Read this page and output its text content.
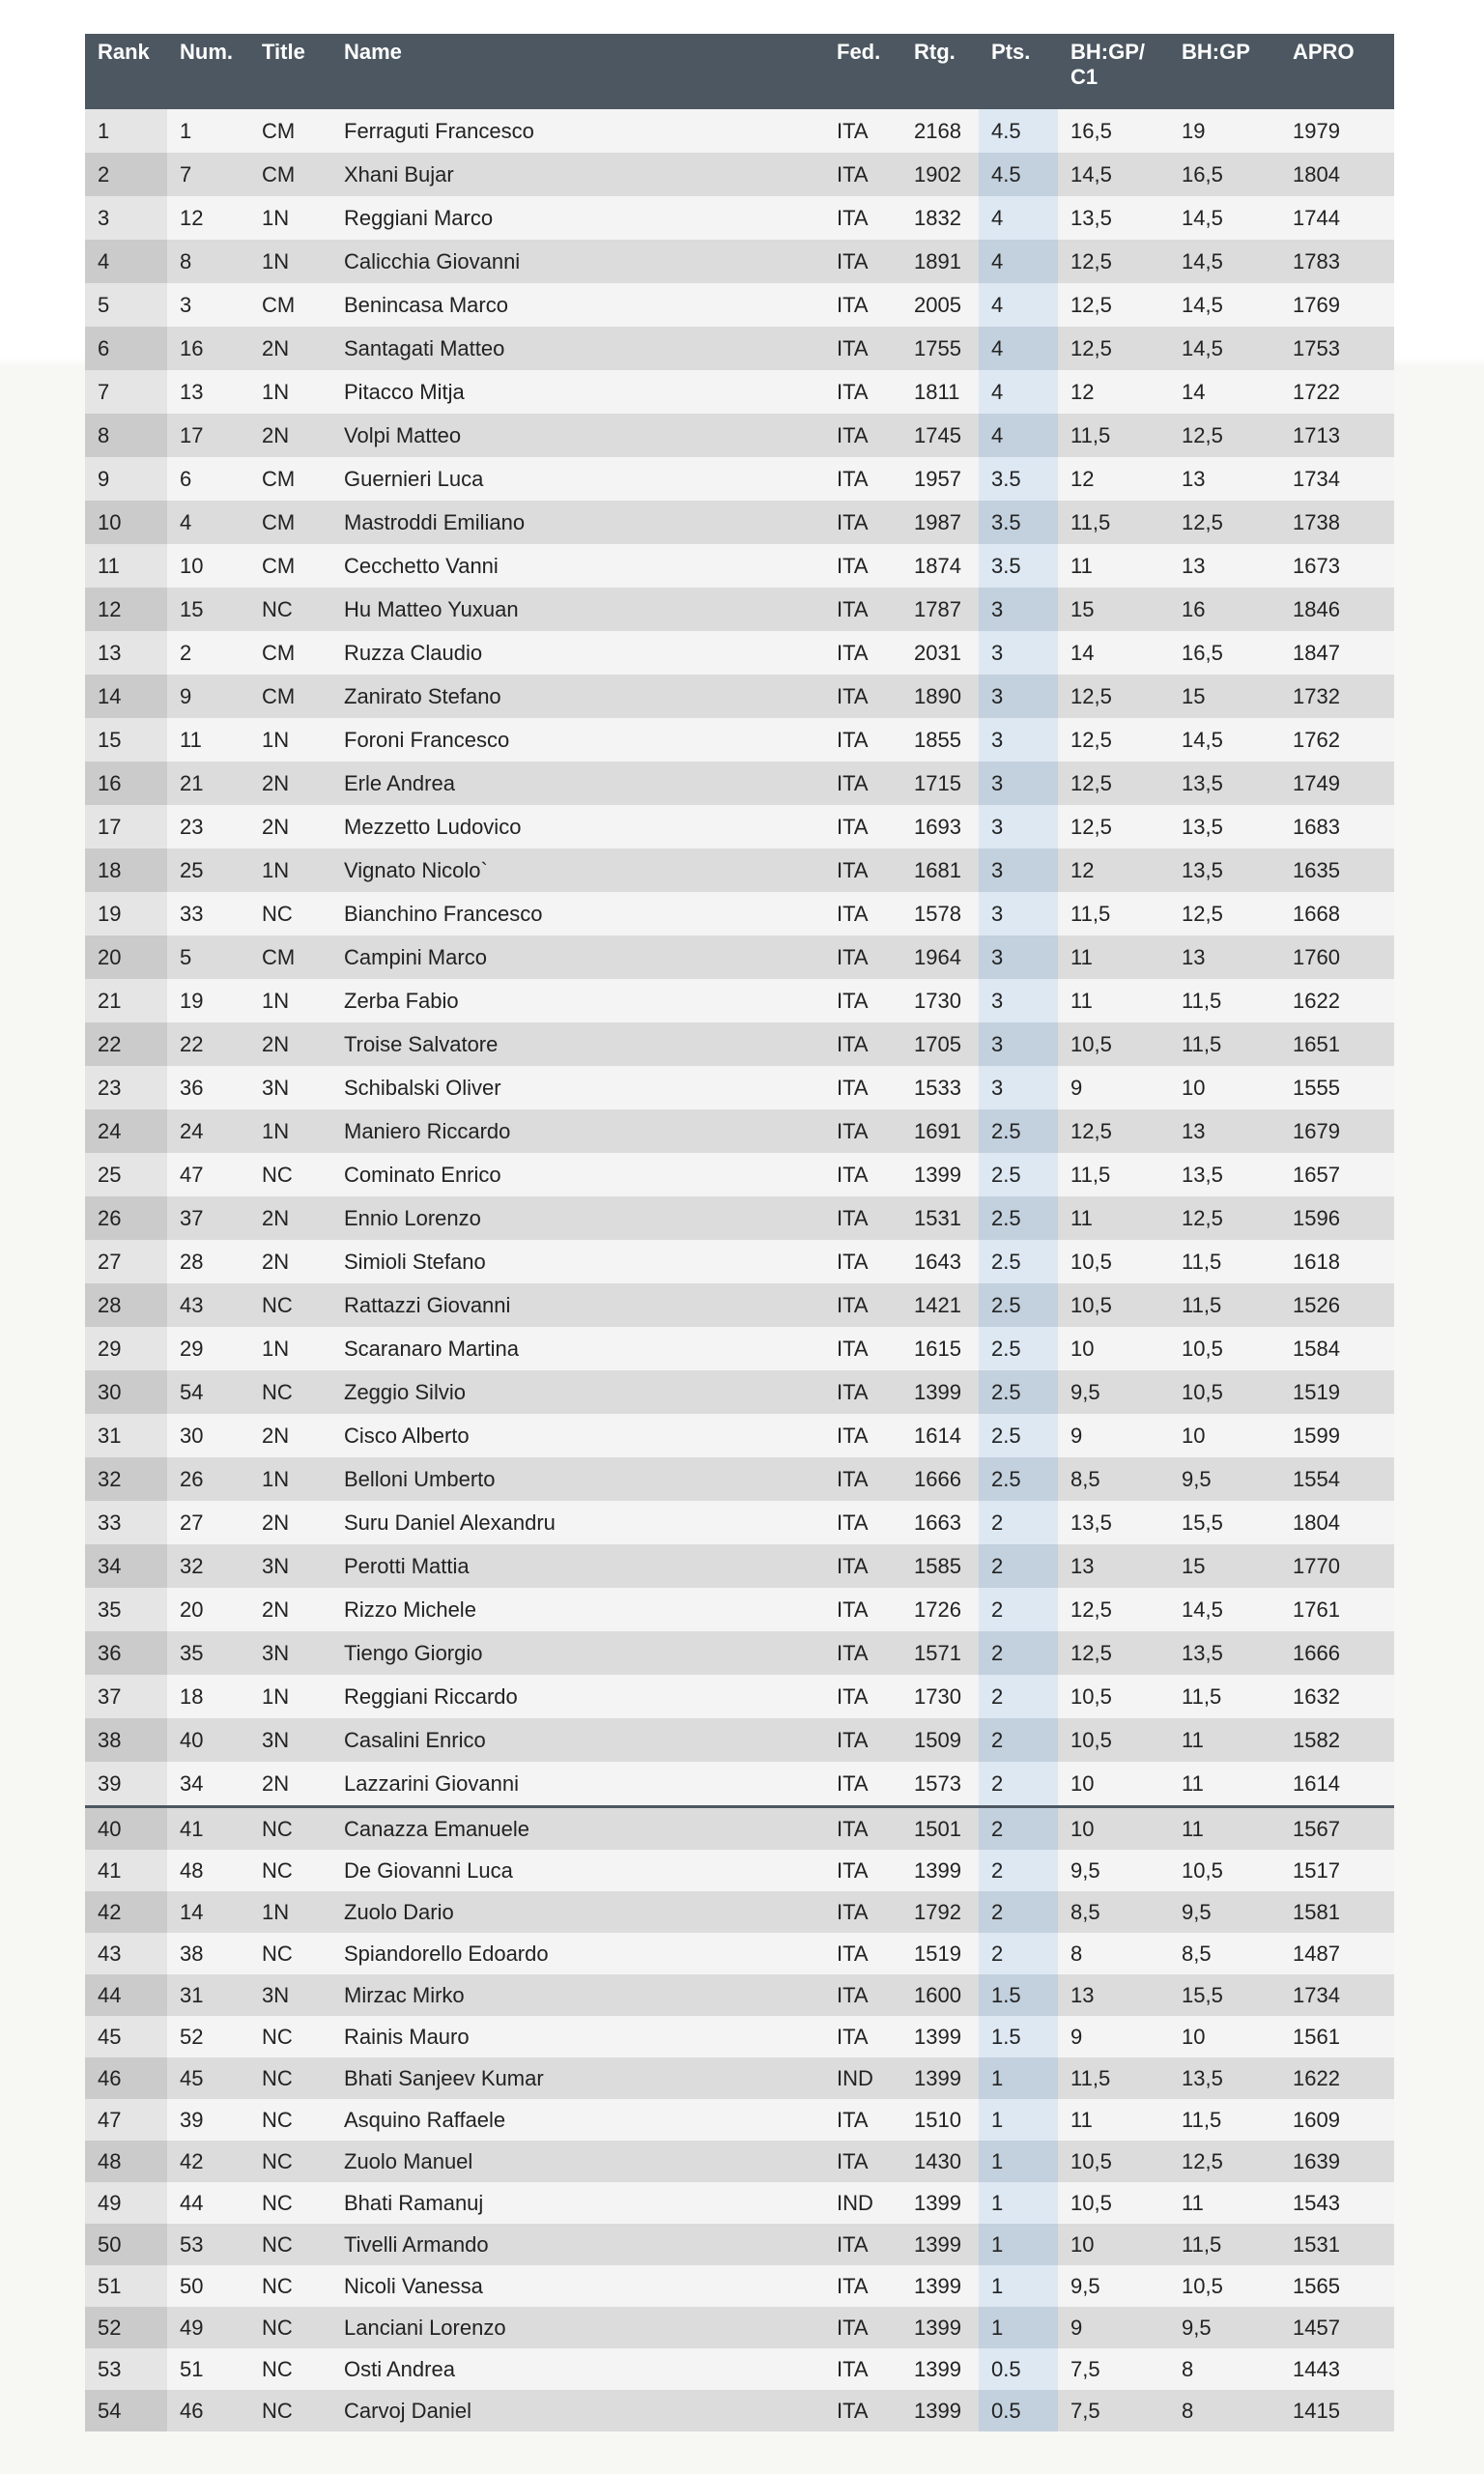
Rank	Num.	Title	Name	Fed.	Rtg.	Pts.	BH:GP/ C1	BH:GP	APRO
1	1	CM	Ferraguti Francesco	ITA	2168	4.5	16,5	19	1979
2	7	CM	Xhani Bujar	ITA	1902	4.5	14,5	16,5	1804
3	12	1N	Reggiani Marco	ITA	1832	4	13,5	14,5	1744
4	8	1N	Calicchia Giovanni	ITA	1891	4	12,5	14,5	1783
5	3	CM	Benincasa Marco	ITA	2005	4	12,5	14,5	1769
6	16	2N	Santagati Matteo	ITA	1755	4	12,5	14,5	1753
7	13	1N	Pitacco Mitja	ITA	1811	4	12	14	1722
8	17	2N	Volpi Matteo	ITA	1745	4	11,5	12,5	1713
9	6	CM	Guernieri Luca	ITA	1957	3.5	12	13	1734
10	4	CM	Mastroddi Emiliano	ITA	1987	3.5	11,5	12,5	1738
11	10	CM	Cecchetto Vanni	ITA	1874	3.5	11	13	1673
12	15	NC	Hu Matteo Yuxuan	ITA	1787	3	15	16	1846
13	2	CM	Ruzza Claudio	ITA	2031	3	14	16,5	1847
14	9	CM	Zanirato Stefano	ITA	1890	3	12,5	15	1732
15	11	1N	Foroni Francesco	ITA	1855	3	12,5	14,5	1762
16	21	2N	Erle Andrea	ITA	1715	3	12,5	13,5	1749
17	23	2N	Mezzetto Ludovico	ITA	1693	3	12,5	13,5	1683
18	25	1N	Vignato Nicolo`	ITA	1681	3	12	13,5	1635
19	33	NC	Bianchino Francesco	ITA	1578	3	11,5	12,5	1668
20	5	CM	Campini Marco	ITA	1964	3	11	13	1760
21	19	1N	Zerba Fabio	ITA	1730	3	11	11,5	1622
22	22	2N	Troise Salvatore	ITA	1705	3	10,5	11,5	1651
23	36	3N	Schibalski Oliver	ITA	1533	3	9	10	1555
24	24	1N	Maniero Riccardo	ITA	1691	2.5	12,5	13	1679
25	47	NC	Cominato Enrico	ITA	1399	2.5	11,5	13,5	1657
26	37	2N	Ennio Lorenzo	ITA	1531	2.5	11	12,5	1596
27	28	2N	Simioli Stefano	ITA	1643	2.5	10,5	11,5	1618
28	43	NC	Rattazzi Giovanni	ITA	1421	2.5	10,5	11,5	1526
29	29	1N	Scaranaro Martina	ITA	1615	2.5	10	10,5	1584
30	54	NC	Zeggio Silvio	ITA	1399	2.5	9,5	10,5	1519
31	30	2N	Cisco Alberto	ITA	1614	2.5	9	10	1599
32	26	1N	Belloni Umberto	ITA	1666	2.5	8,5	9,5	1554
33	27	2N	Suru Daniel Alexandru	ITA	1663	2	13,5	15,5	1804
34	32	3N	Perotti Mattia	ITA	1585	2	13	15	1770
35	20	2N	Rizzo Michele	ITA	1726	2	12,5	14,5	1761
36	35	3N	Tiengo Giorgio	ITA	1571	2	12,5	13,5	1666
37	18	1N	Reggiani Riccardo	ITA	1730	2	10,5	11,5	1632
38	40	3N	Casalini Enrico	ITA	1509	2	10,5	11	1582
39	34	2N	Lazzarini Giovanni	ITA	1573	2	10	11	1614
40	41	NC	Canazza Emanuele	ITA	1501	2	10	11	1567
41	48	NC	De Giovanni Luca	ITA	1399	2	9,5	10,5	1517
42	14	1N	Zuolo Dario	ITA	1792	2	8,5	9,5	1581
43	38	NC	Spiandorello Edoardo	ITA	1519	2	8	8,5	1487
44	31	3N	Mirzac Mirko	ITA	1600	1.5	13	15,5	1734
45	52	NC	Rainis Mauro	ITA	1399	1.5	9	10	1561
46	45	NC	Bhati Sanjeev Kumar	IND	1399	1	11,5	13,5	1622
47	39	NC	Asquino Raffaele	ITA	1510	1	11	11,5	1609
48	42	NC	Zuolo Manuel	ITA	1430	1	10,5	12,5	1639
49	44	NC	Bhati Ramanuj	IND	1399	1	10,5	11	1543
50	53	NC	Tivelli Armando	ITA	1399	1	10	11,5	1531
51	50	NC	Nicoli Vanessa	ITA	1399	1	9,5	10,5	1565
52	49	NC	Lanciani Lorenzo	ITA	1399	1	9	9,5	1457
53	51	NC	Osti Andrea	ITA	1399	0.5	7,5	8	1443
54	46	NC	Carvoj Daniel	ITA	1399	0.5	7,5	8	1415
